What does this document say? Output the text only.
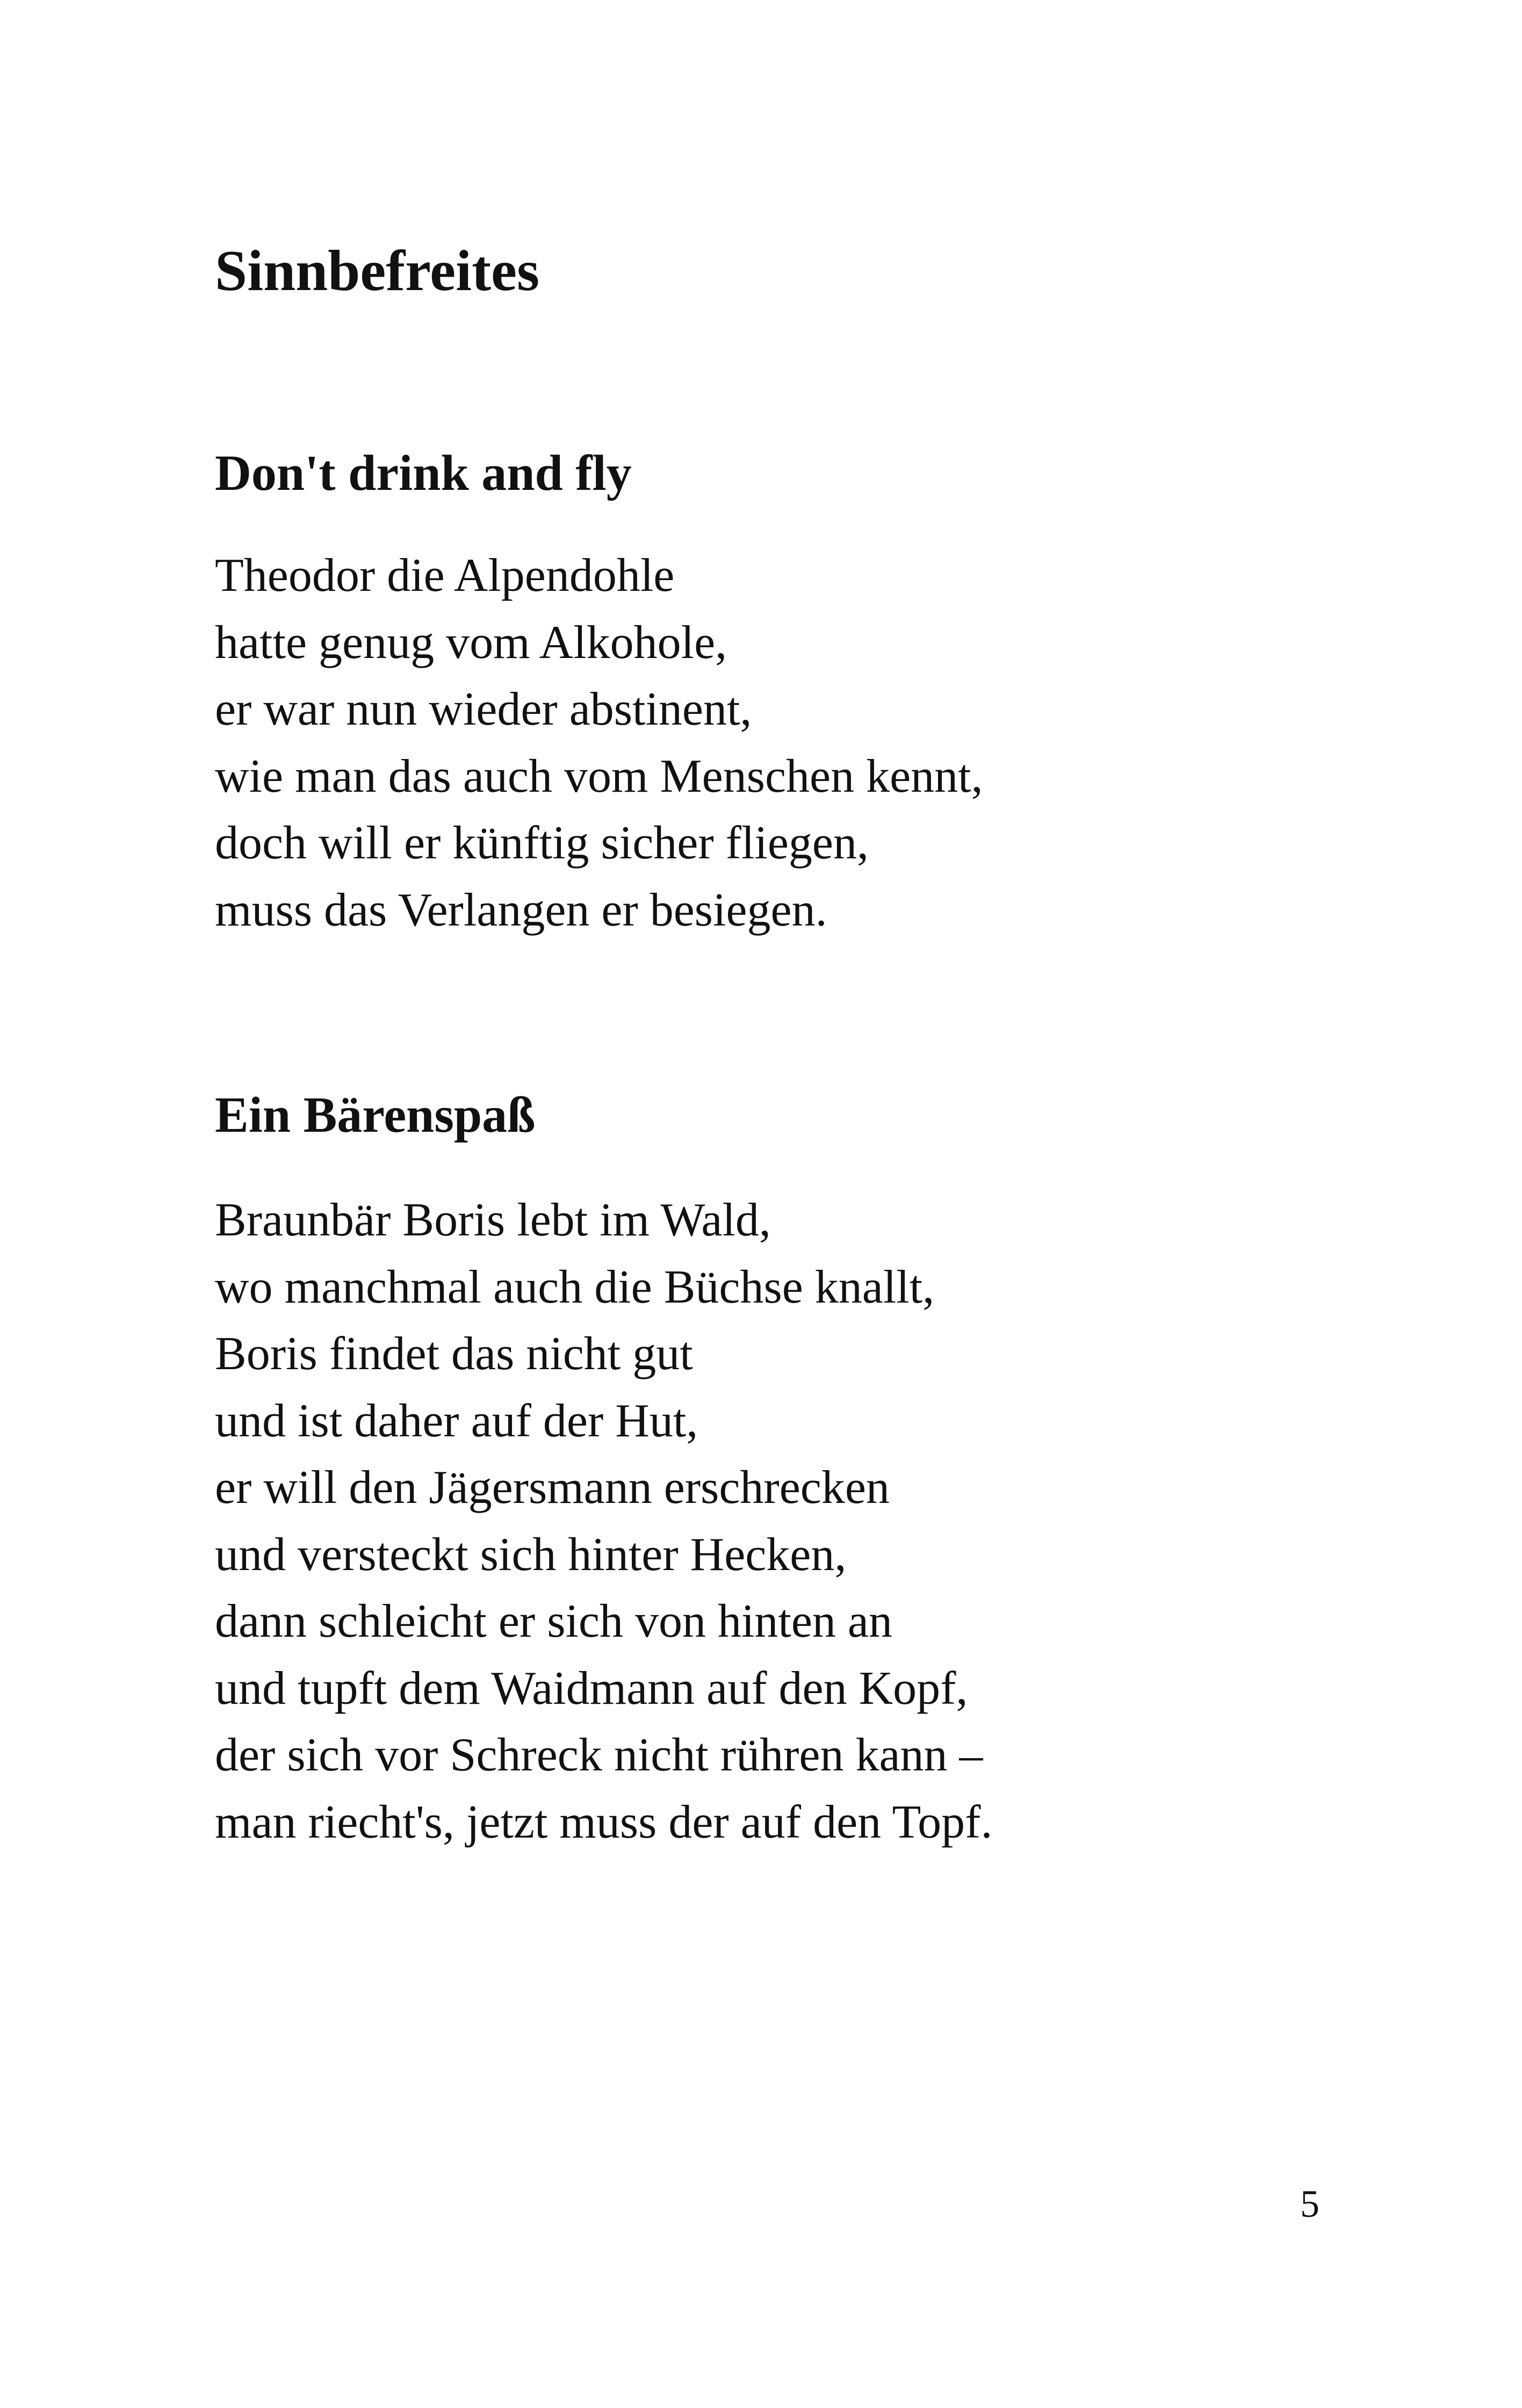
Sinnbefreites
Don't drink and fly
Theodor die Alpendohle
hatte genug vom Alkohole,
er war nun wieder abstinent,
wie man das auch vom Menschen kennt,
doch will er künftig sicher fliegen,
muss das Verlangen er besiegen.
Ein Bärenspaß
Braunbär Boris lebt im Wald,
wo manchmal auch die Büchse knallt,
Boris findet das nicht gut
und ist daher auf der Hut,
er will den Jägersmann erschrecken
und versteckt sich hinter Hecken,
dann schleicht er sich von hinten an
und tupft dem Waidmann auf den Kopf,
der sich vor Schreck nicht rühren kann –
man riecht's, jetzt muss der auf den Topf.
5
